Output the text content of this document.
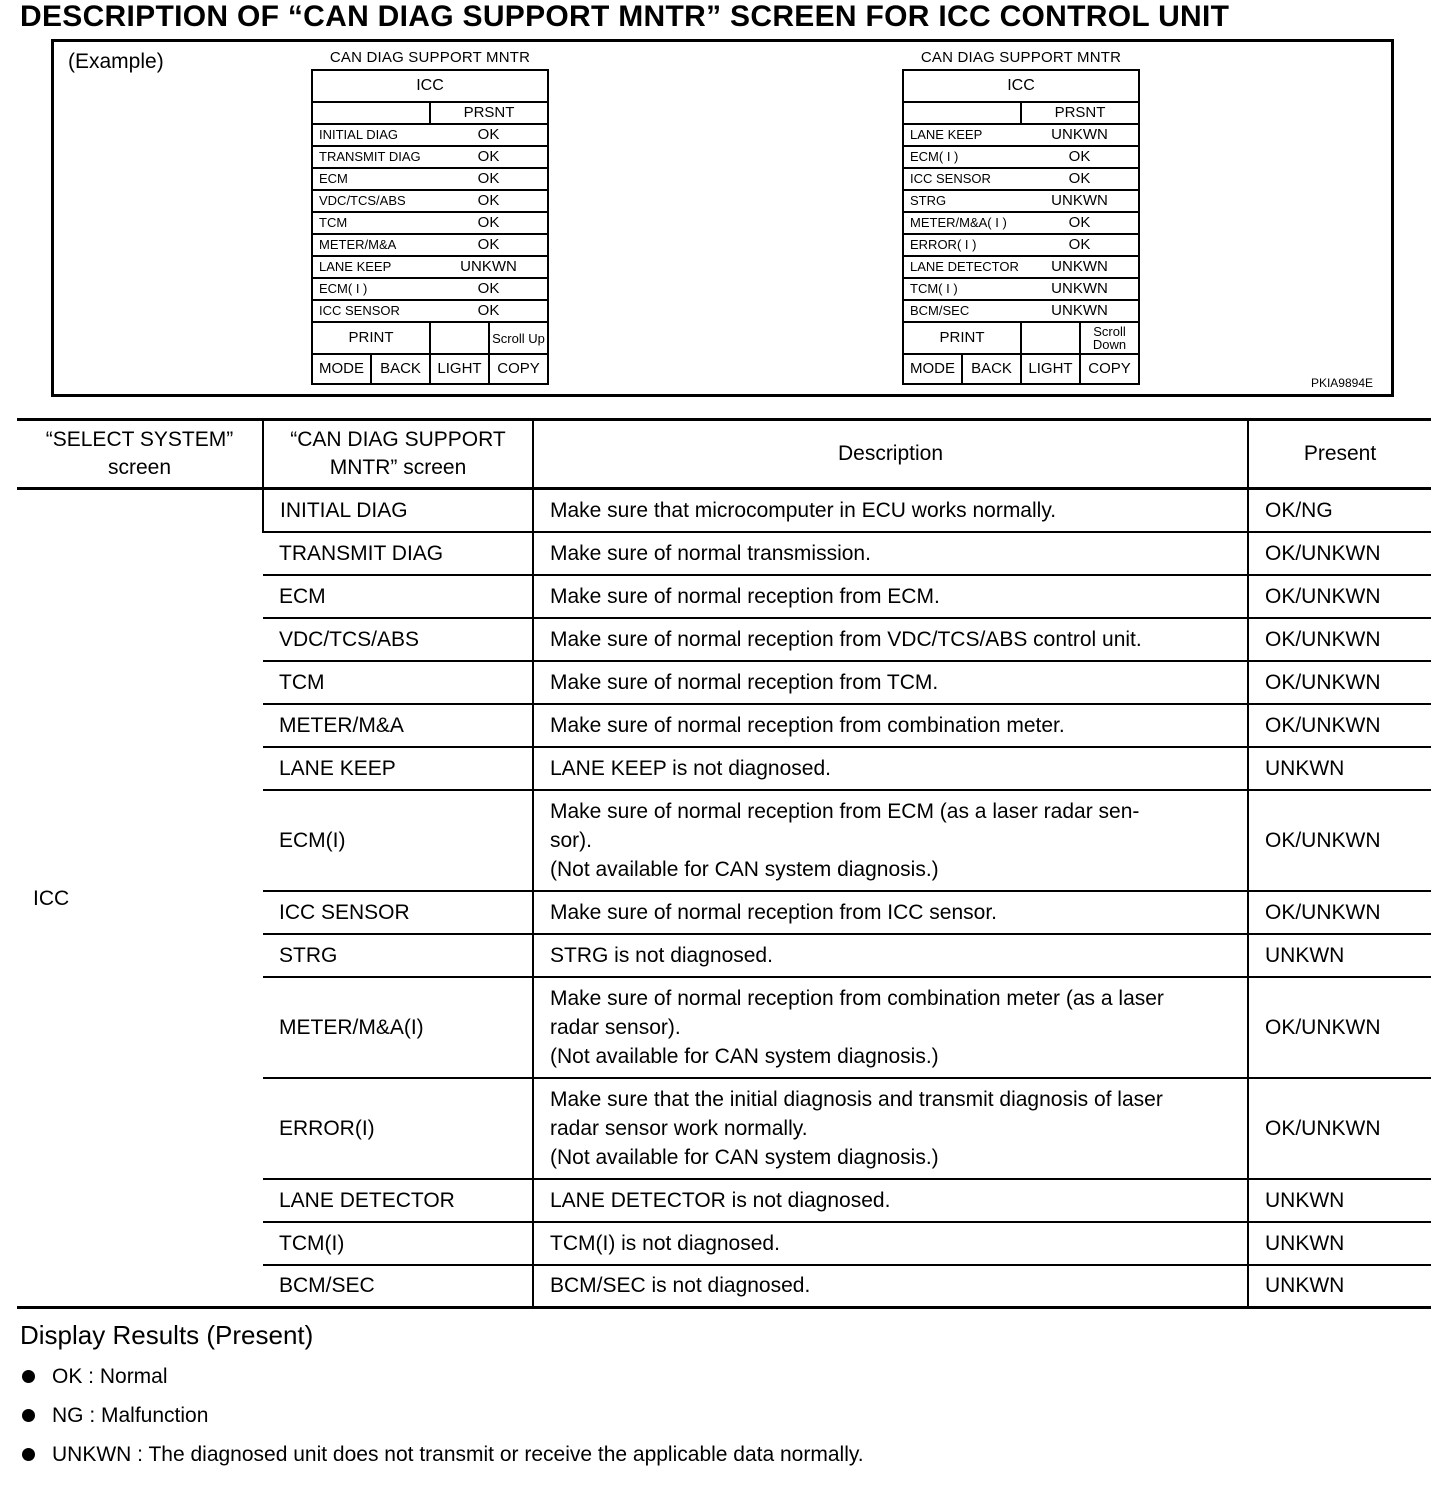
DESCRIPTION OF “CAN DIAG SUPPORT MNTR” SCREEN FOR ICC CONTROL UNIT
(Example)	CAN DIAG SUPPORT MNTR
ICC			
		PRSNT	
INITIAL DIAG		OK	
TRANSMIT DIAG		OK	
ECM		OK	
VDC/TCS/ABS		OK	
TCM		OK	
METER/M&A		OK	
LANE KEEP		UNKWN	
ECM( I )		OK	
ICC SENSOR		OK	
PRINT			Scroll Up
MODE	BACK	LIGHT	COPY
CAN DIAG SUPPORT MNTR
ICC			
		PRSNT	
LANE KEEP		UNKWN	
ECM( I )		OK	
ICC SENSOR		OK	
STRG		UNKWN	
METER/M&A( I )		OK	
ERROR( I )		OK	
LANE DETECTOR		UNKWN	
TCM( I )		UNKWN	
BCM/SEC		UNKWN	
PRINT			Scroll Down
MODE	BACK	LIGHT	COPY
PKIA9894E
“SELECT SYSTEM” screen	“CAN DIAG SUPPORT MNTR” screen	Description	Present
ICC	INITIAL DIAG	Make sure that microcomputer in ECU works normally.	OK/NG
	TRANSMIT DIAG	Make sure of normal transmission.	OK/UNKWN
	ECM	Make sure of normal reception from ECM.	OK/UNKWN
	VDC/TCS/ABS	Make sure of normal reception from VDC/TCS/ABS control unit.	OK/UNKWN
	TCM	Make sure of normal reception from TCM.	OK/UNKWN
	METER/M&A	Make sure of normal reception from combination meter.	OK/UNKWN
	LANE KEEP	LANE KEEP is not diagnosed.	UNKWN
	ECM(I)	Make sure of normal reception from ECM (as a laser radar sen-
sor).
(Not available for CAN system diagnosis.)	OK/UNKWN
	ICC SENSOR	Make sure of normal reception from ICC sensor.	OK/UNKWN
	STRG	STRG is not diagnosed.	UNKWN
	METER/M&A(I)	Make sure of normal reception from combination meter (as a laser
radar sensor).
(Not available for CAN system diagnosis.)	OK/UNKWN
	ERROR(I)	Make sure that the initial diagnosis and transmit diagnosis of laser
radar sensor work normally.
(Not available for CAN system diagnosis.)	OK/UNKWN
	LANE DETECTOR	LANE DETECTOR is not diagnosed.	UNKWN
	TCM(I)	TCM(I) is not diagnosed.	UNKWN
	BCM/SEC	BCM/SEC is not diagnosed.	UNKWN
Display Results (Present)
OK : Normal
NG : Malfunction
UNKWN : The diagnosed unit does not transmit or receive the applicable data normally.
